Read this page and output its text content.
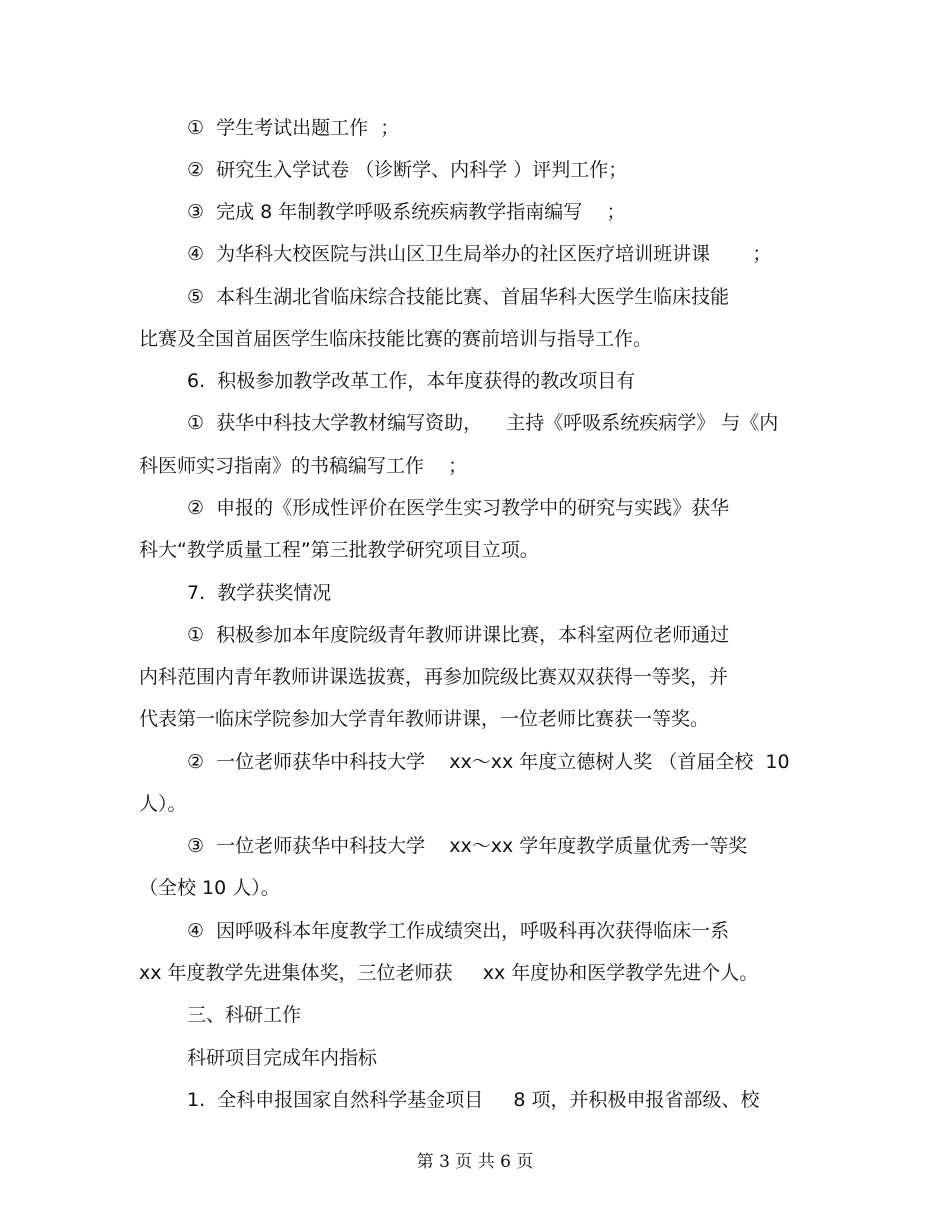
①  学生考试出题工作  ；
②  研究生入学试卷 （诊断学、内科学 ）评判工作；
③  完成 8 年制教学呼吸系统疾病教学指南编写    ；
④  为华科大校医院与洪山区卫生局举办的社区医疗培训班讲课       ；
⑤  本科生湖北省临床综合技能比赛、首届华科大医学生临床技能
比赛及全国首届医学生临床技能比赛的赛前培训与指导工作。
6.  积极参加教学改革工作，本年度获得的教改项目有
①  获华中科技大学教材编写资助，    主持《呼吸系统疾病学》 与《内
科医师实习指南》的书稿编写工作    ；
②  申报的《形成性评价在医学生实习教学中的研究与实践》获华
科大“教学质量工程”第三批教学研究项目立项。
7.  教学获奖情况
①  积极参加本年度院级青年教师讲课比赛，本科室两位老师通过
内科范围内青年教师讲课选拔赛，再参加院级比赛双双获得一等奖，并
代表第一临床学院参加大学青年教师讲课，一位老师比赛获一等奖。
②  一位老师获华中科技大学    xx～xx 年度立德树人奖 （首届全校  10
人）。
③  一位老师获华中科技大学    xx～xx 学年度教学质量优秀一等奖
（全校 10 人）。
④  因呼吸科本年度教学工作成绩突出，呼吸科再次获得临床一系
xx 年度教学先进集体奖，三位老师获     xx 年度协和医学教学先进个人。
三、科研工作
科研项目完成年内指标
1.  全科申报国家自然科学基金项目     8 项，并积极申报省部级、校
第 3 页 共 6 页
